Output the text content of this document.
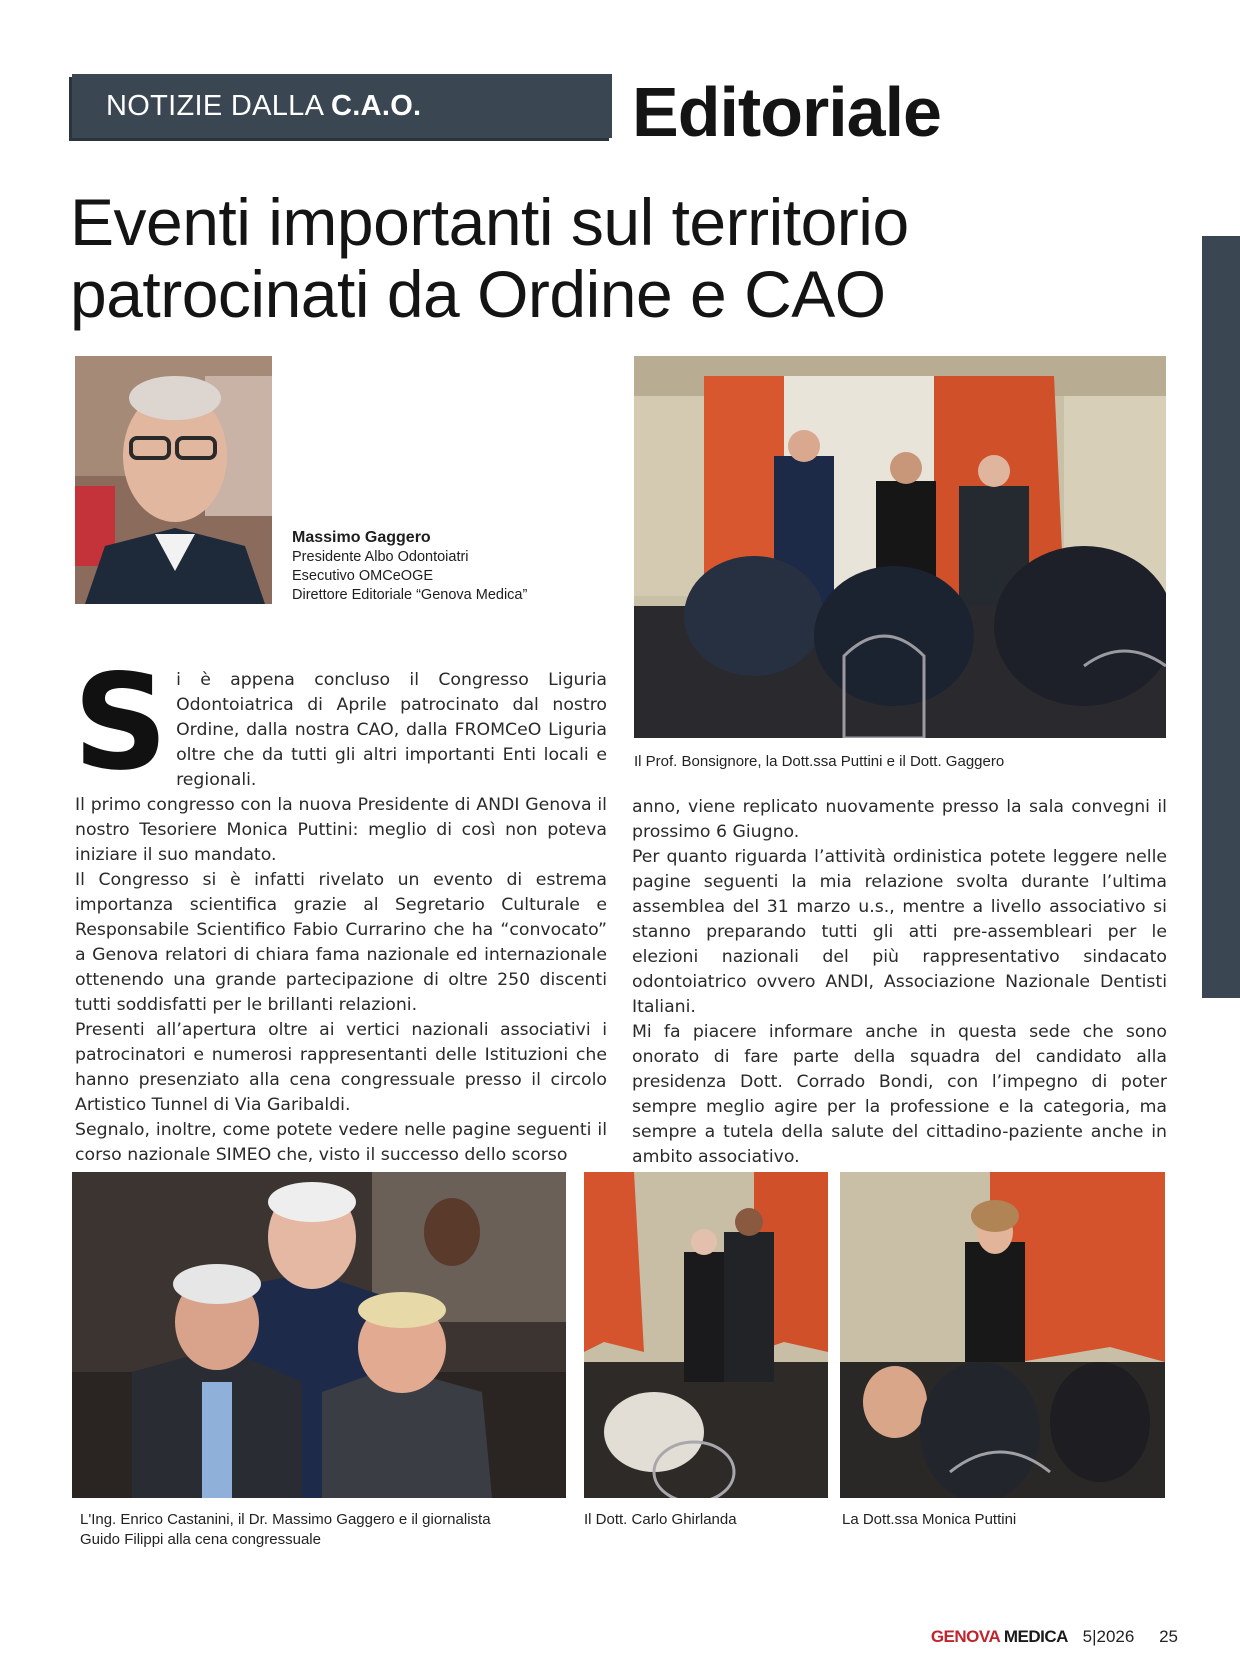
NOTIZIE DALLA C.A.O.	Editoriale
Eventi importanti sul territorio
patrocinati da Ordine e CAO
Massimo Gaggero
Presidente Albo Odontoiatri
Esecutivo OMCeOGE
Direttore Editoriale “Genova Medica”
Il Prof. Bonsignore, la Dott.ssa Puttini e il Dott. Gaggero
S i è appena concluso il Congresso Liguria Odontoiatrica di Aprile patrocinato dal nostro Ordine, dalla nostra CAO, dalla FROMCeO Liguria oltre che da tutti gli altri importanti Enti locali e regionali.

Il primo congresso con la nuova Presidente di ANDI Genova il nostro Tesoriere Monica Puttini: meglio di così non poteva iniziare il suo mandato.

Il Congresso si è infatti rivelato un evento di estrema importanza scientifica grazie al Segretario Culturale e Responsabile Scientifico Fabio Currarino che ha “convocato” a Genova relatori di chiara fama nazionale ed internazionale ottenendo una grande partecipazione di oltre 250 discenti tutti soddisfatti per le brillanti relazioni.

Presenti all’apertura oltre ai vertici nazionali associativi i patrocinatori e numerosi rappresentanti delle Istituzioni che hanno presenziato alla cena congressuale presso il circolo Artistico Tunnel di Via Garibaldi.

Segnalo, inoltre, come potete vedere nelle pagine seguenti il corso nazionale SIMEO che, visto il successo dello scorso

anno, viene replicato nuovamente presso la sala convegni il prossimo 6 Giugno.

Per quanto riguarda l’attività ordinistica potete leggere nelle pagine seguenti la mia relazione svolta durante l’ultima assemblea del 31 marzo u.s., mentre a livello associativo si stanno preparando tutti gli atti pre-assembleari per le elezioni nazionali del più rappresentativo sindacato odontoiatrico ovvero ANDI, Associazione Nazionale Dentisti Italiani.

Mi fa piacere informare anche in questa sede che sono onorato di fare parte della squadra del candidato alla presidenza Dott. Corrado Bondi, con l’impegno di poter sempre meglio agire per la professione e la categoria, ma sempre a tutela della salute del cittadino-paziente anche in ambito associativo.

L'Ing. Enrico Castanini, il Dr. Massimo Gaggero e il giornalista
Guido Filippi alla cena congressuale
Il Dott. Carlo Ghirlanda	La Dott.ssa Monica Puttini
GENOVA MEDICA 5|2026 25
